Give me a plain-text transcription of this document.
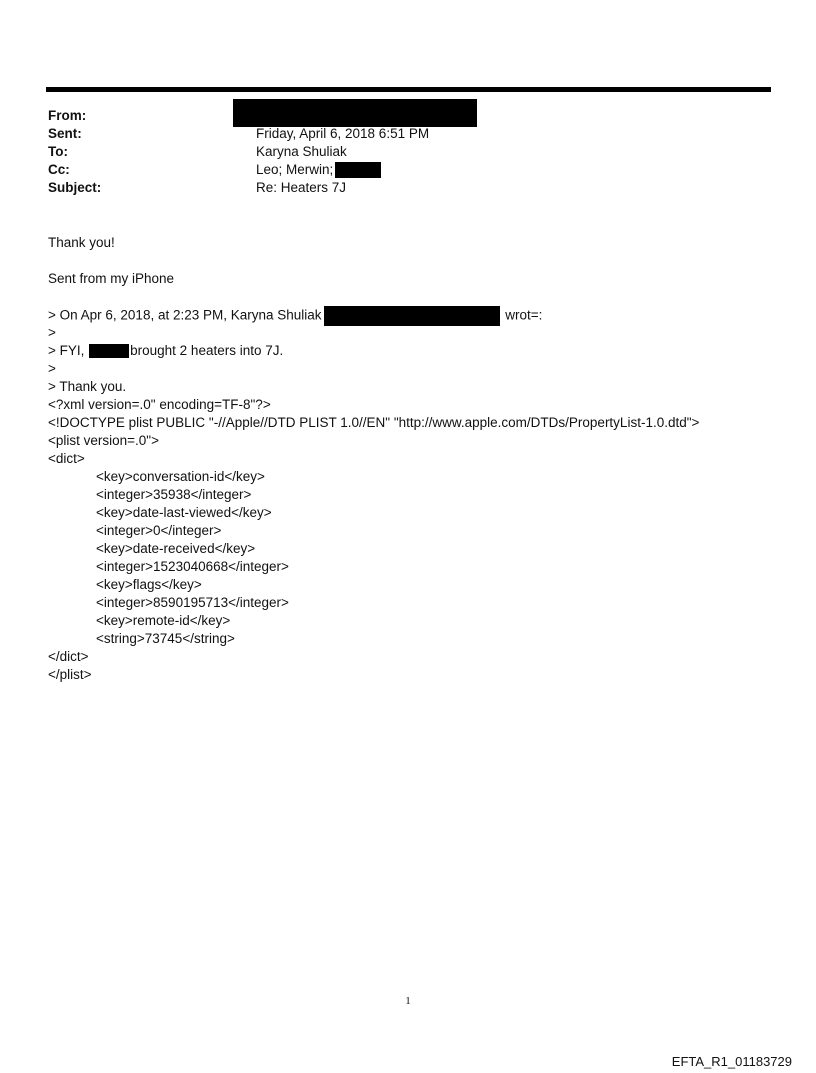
From:
Sent:	Friday, April 6, 2018 6:51 PM
To:	Karyna Shuliak
Cc:	Leo; Merwin;
Subject:	Re: Heaters 7J
Thank you!
Sent from my iPhone
> On Apr 6, 2018, at 2:23 PM, Karyna Shuliak	wrot=:
>
> FYI,	brought 2 heaters into 7J.
>
> Thank you.
<?xml version=.0" encoding=TF-8"?>
<!DOCTYPE plist PUBLIC "-//Apple//DTD PLIST 1.0//EN" "http://www.apple.com/DTDs/PropertyList-1.0.dtd">
<plist version=.0">
<dict>
<key>conversation-id</key>
<integer>35938</integer>
<key>date-last-viewed</key>
<integer>0</integer>
<key>date-received</key>
<integer>1523040668</integer>
<key>flags</key>
<integer>8590195713</integer>
<key>remote-id</key>
<string>73745</string>
</dict>
</plist>
1
EFTA_R1_01183729
